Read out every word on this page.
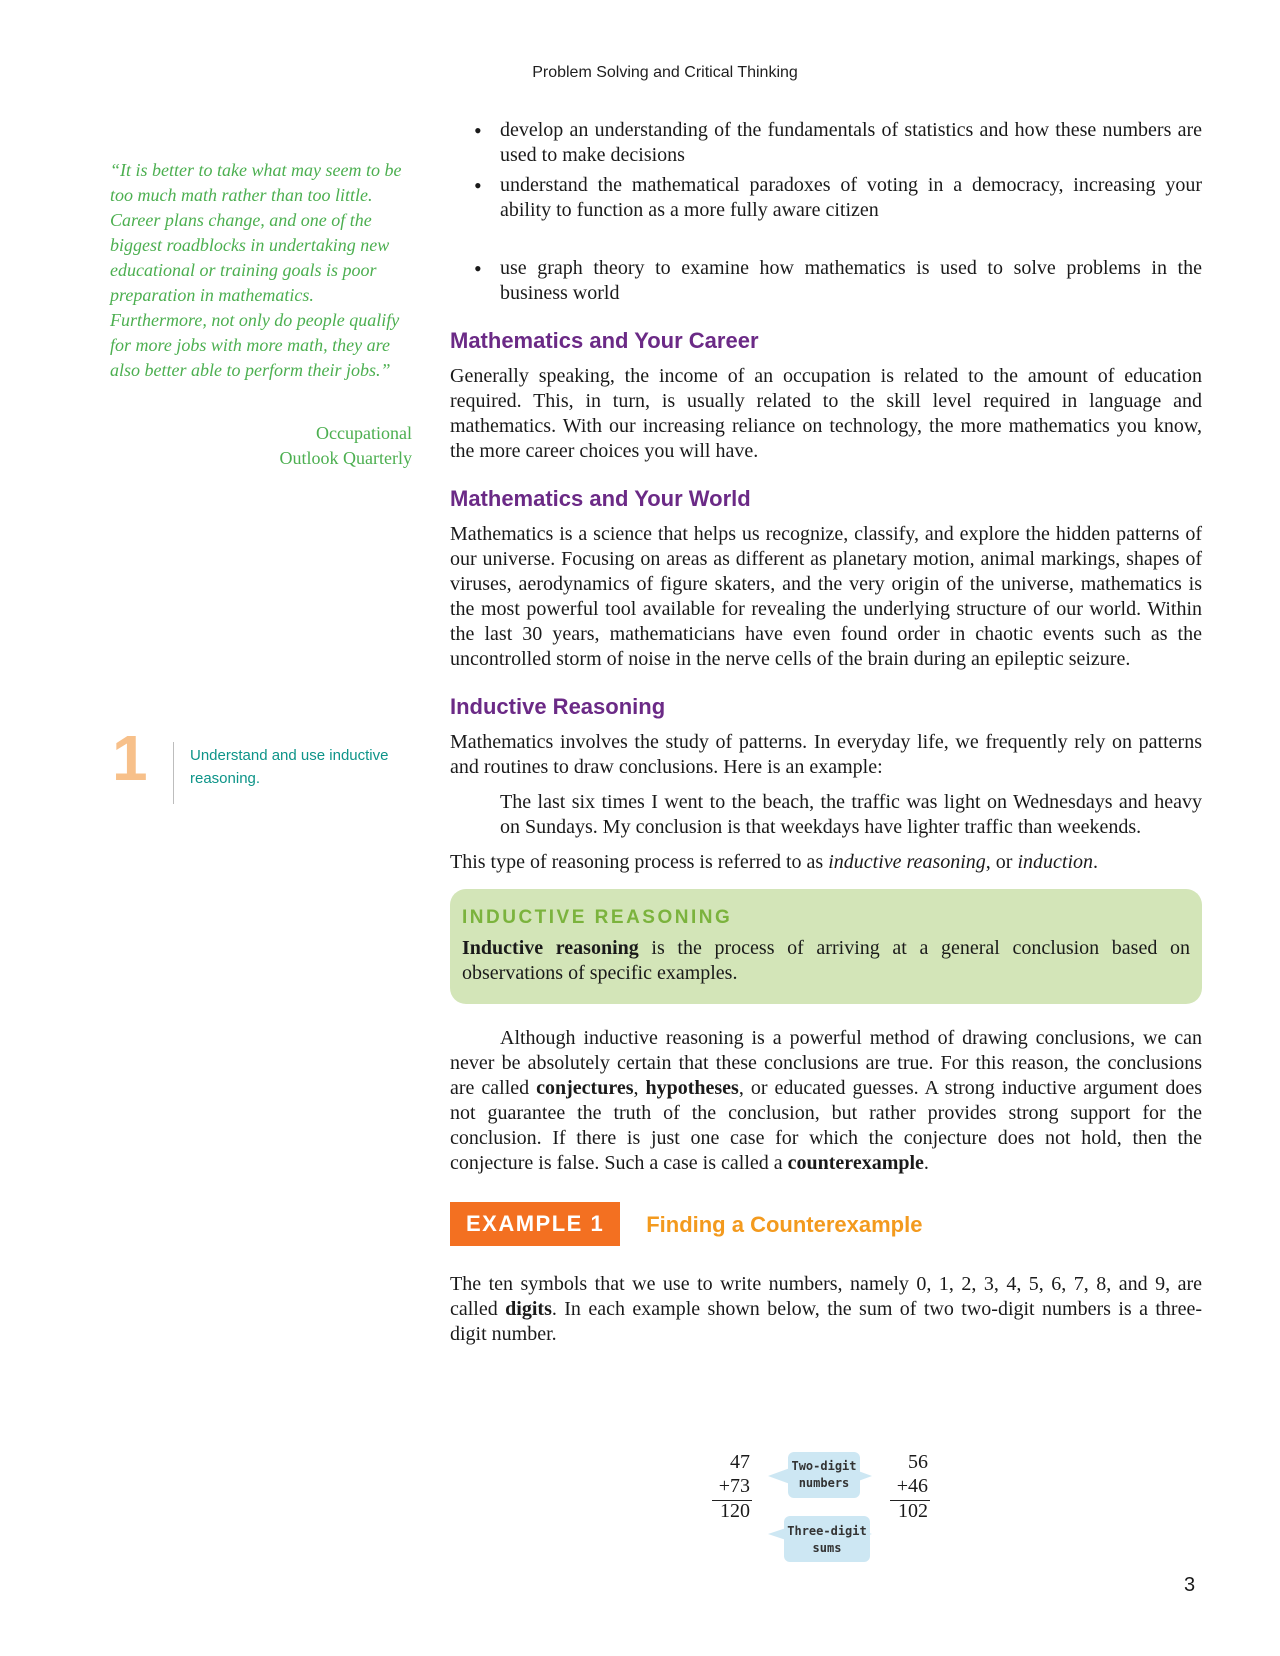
Problem Solving and Critical Thinking
“It is better to take what may seem to be too much math rather than too little. Career plans change, and one of the biggest roadblocks in undertaking new educational or training goals is poor preparation in mathematics. Furthermore, not only do people qualify for more jobs with more math, they are also better able to perform their jobs.”
Occupational
Outlook Quarterly
1	Understand and use inductive reasoning.
• develop an understanding of the fundamentals of statistics and how these numbers are used to make decisions
• understand the mathematical paradoxes of voting in a democracy, increasing your ability to function as a more fully aware citizen
• use graph theory to examine how mathematics is used to solve problems in the business world
Mathematics and Your Career

Generally speaking, the income of an occupation is related to the amount of education required. This, in turn, is usually related to the skill level required in language and mathematics. With our increasing reliance on technology, the more mathematics you know, the more career choices you will have.

Mathematics and Your World

Mathematics is a science that helps us recognize, classify, and explore the hidden patterns of our universe. Focusing on areas as different as planetary motion, animal markings, shapes of viruses, aerodynamics of figure skaters, and the very origin of the universe, mathematics is the most powerful tool available for revealing the underlying structure of our world. Within the last 30 years, mathematicians have even found order in chaotic events such as the uncontrolled storm of noise in the nerve cells of the brain during an epileptic seizure.

Inductive Reasoning

Mathematics involves the study of patterns. In everyday life, we frequently rely on patterns and routines to draw conclusions. Here is an example:

The last six times I went to the beach, the traffic was light on Wednesdays and heavy on Sundays. My conclusion is that weekdays have lighter traffic than weekends.

This type of reasoning process is referred to as inductive reasoning, or induction.

INDUCTIVE REASONING
Inductive reasoning is the process of arriving at a general conclusion based on observations of specific examples.

Although inductive reasoning is a powerful method of drawing conclusions, we can never be absolutely certain that these conclusions are true. For this reason, the conclusions are called conjectures, hypotheses, or educated guesses. A strong inductive argument does not guarantee the truth of the conclusion, but rather provides strong support for the conclusion. If there is just one case for which the conjecture does not hold, then the conjecture is false. Such a case is called a counterexample.

EXAMPLE 1	Finding a Counterexample

The ten symbols that we use to write numbers, namely 0, 1, 2, 3, 4, 5, 6, 7, 8, and 9, are called digits. In each example shown below, the sum of two two-digit numbers is a three-digit number.

47
+73
120
Two-digit
numbers
Three-digit
sums
56
+46
102
3
